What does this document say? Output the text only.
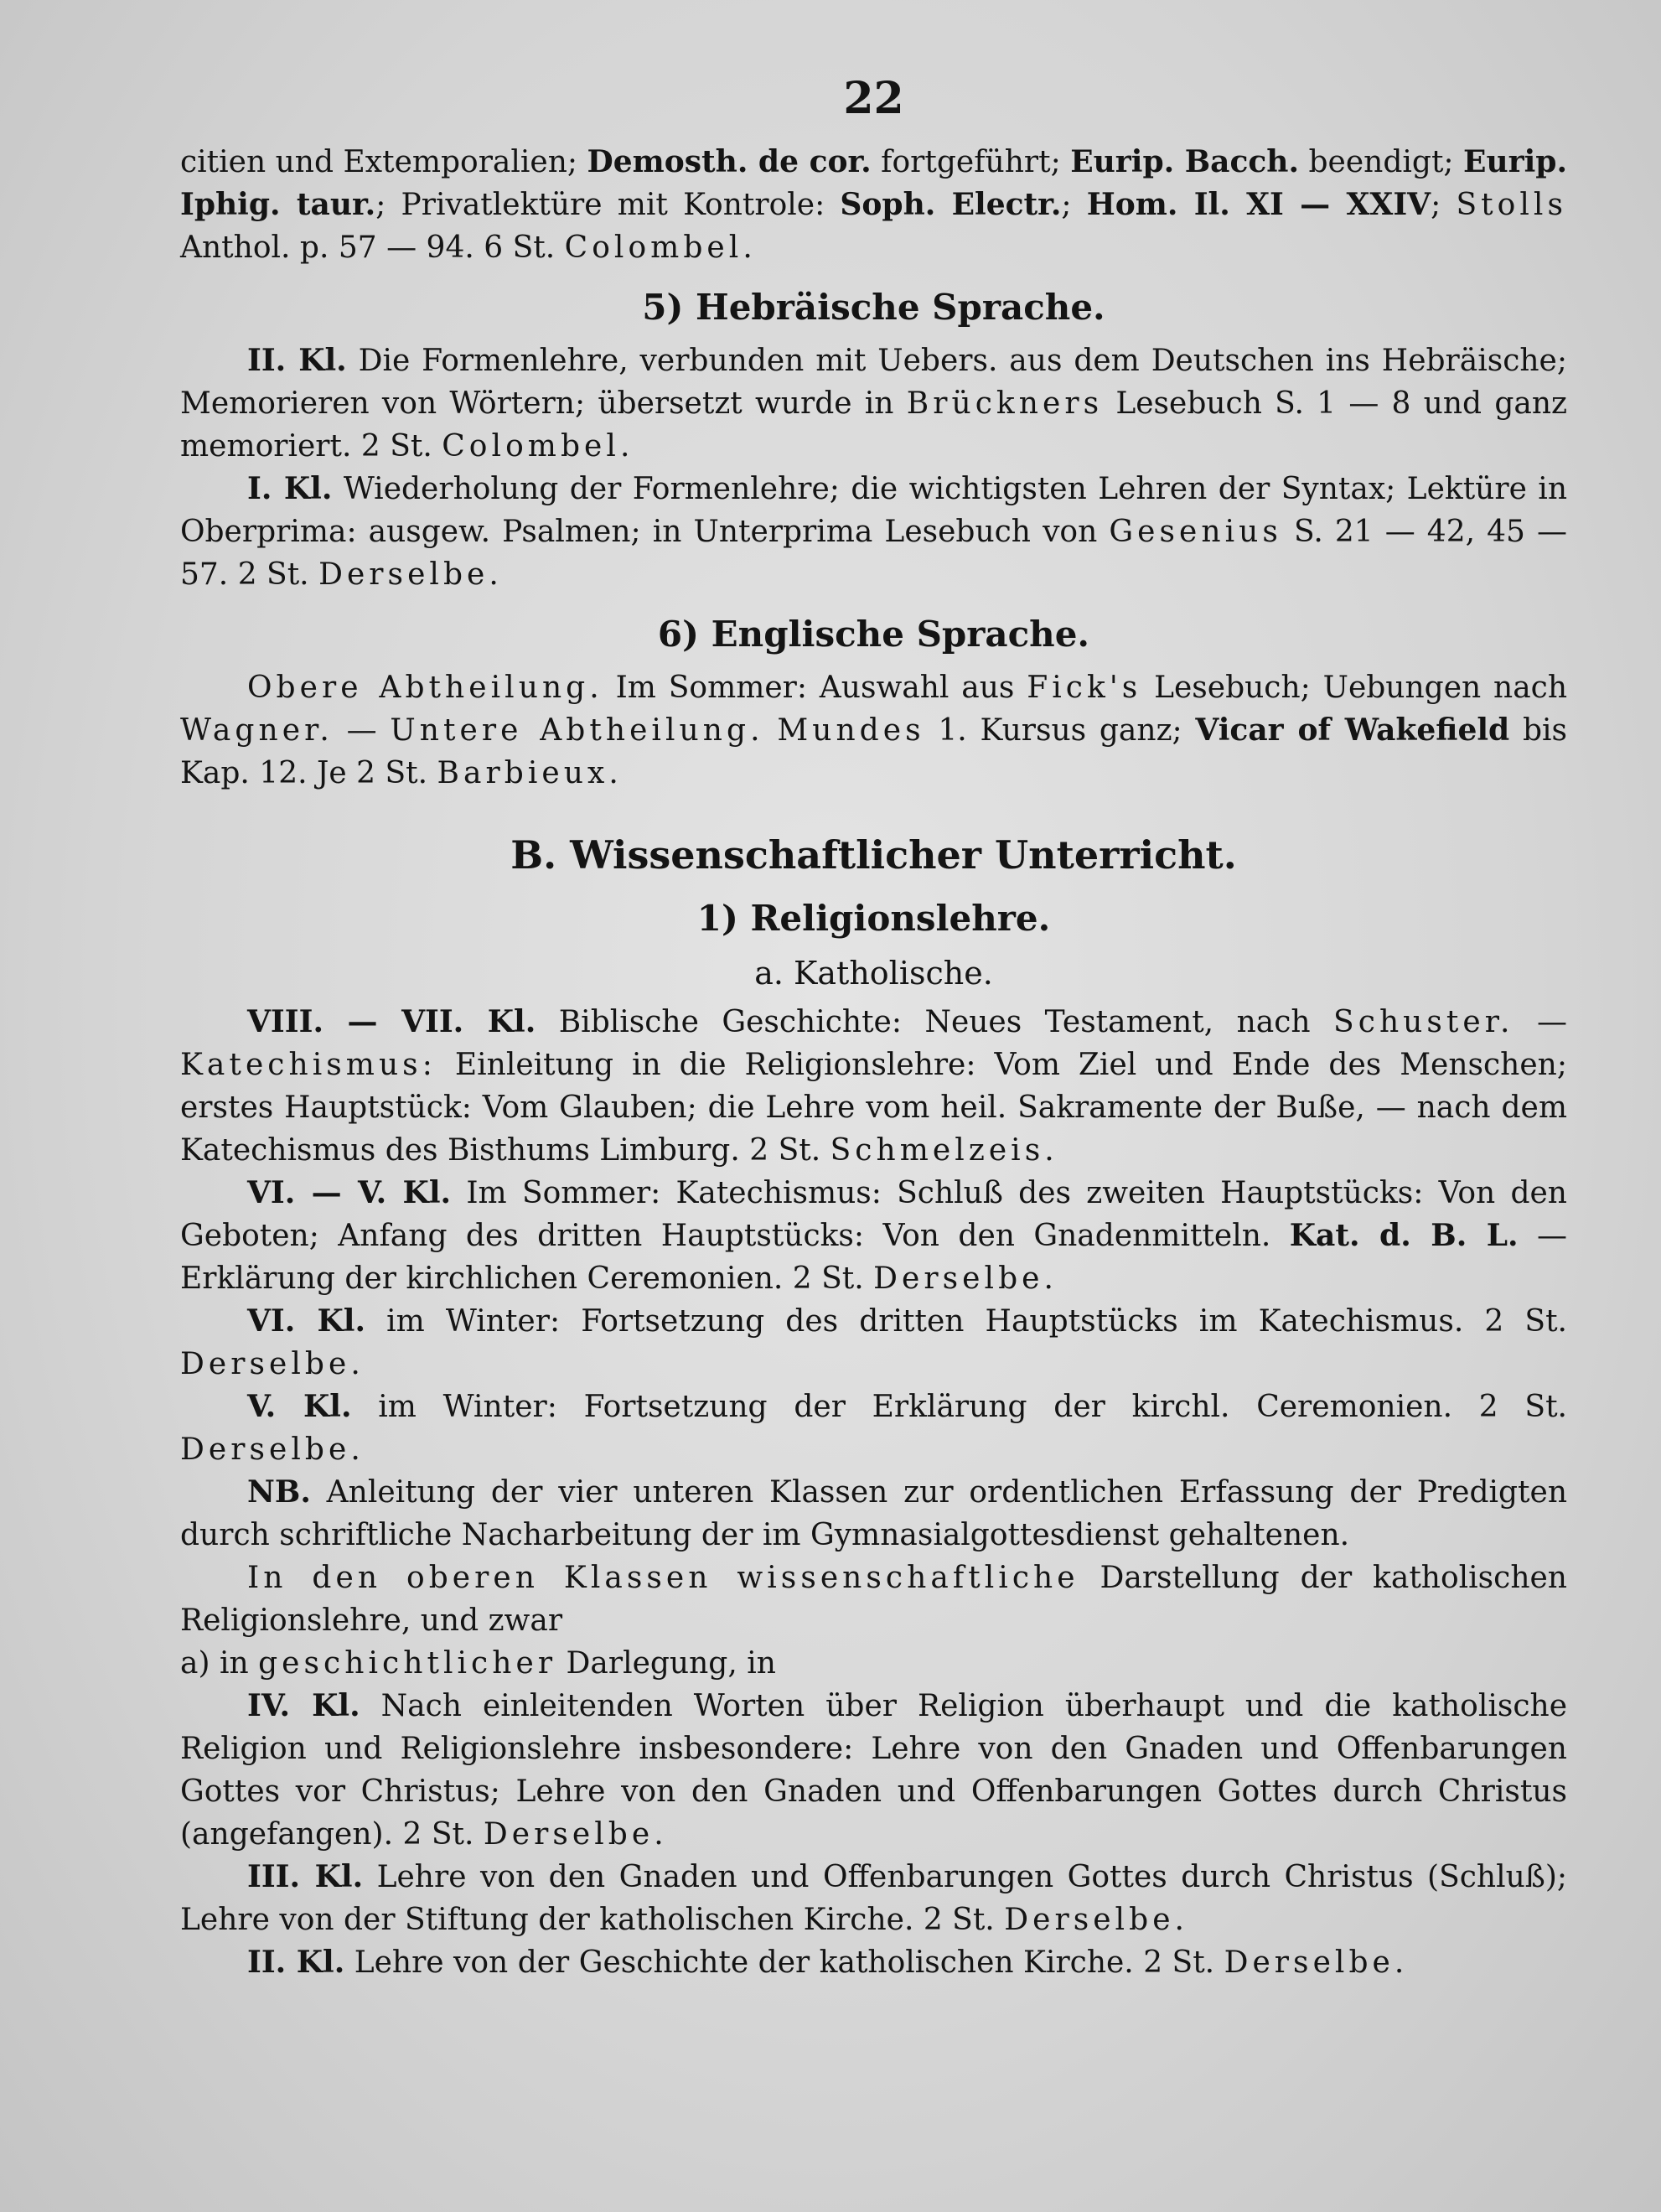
22

citien und Extemporalien; Demosth. de cor. fortgeführt; Eurip. Bacch. beendigt; Eurip. Iphig. taur.; Privatlektüre mit Kontrole: Soph. Electr.; Hom. Il. XI — XXIV; Stolls Anthol. p. 57 — 94. 6 St. Colombel.

5) Hebräische Sprache.

II. Kl. Die Formenlehre, verbunden mit Uebers. aus dem Deutschen ins Hebräische; Memorieren von Wörtern; übersetzt wurde in Brückners Lesebuch S. 1 — 8 und ganz memoriert. 2 St. Colombel.

I. Kl. Wiederholung der Formenlehre; die wichtigsten Lehren der Syntax; Lektüre in Oberprima: ausgew. Psalmen; in Unterprima Lesebuch von Gesenius S. 21 — 42, 45 — 57. 2 St. Derselbe.

6) Englische Sprache.

Obere Abtheilung. Im Sommer: Auswahl aus Fick's Lesebuch; Uebungen nach Wagner. — Untere Abtheilung. Mundes 1. Kursus ganz; Vicar of Wakefield bis Kap. 12. Je 2 St. Barbieux.

B. Wissenschaftlicher Unterricht.
1) Religionslehre.
a. Katholische.

VIII. — VII. Kl. Biblische Geschichte: Neues Testament, nach Schuster. — Katechismus: Einleitung in die Religionslehre: Vom Ziel und Ende des Menschen; erstes Hauptstück: Vom Glauben; die Lehre vom heil. Sakramente der Buße, — nach dem Katechismus des Bisthums Limburg. 2 St. Schmelzeis.

VI. — V. Kl. Im Sommer: Katechismus: Schluß des zweiten Hauptstücks: Von den Geboten; Anfang des dritten Hauptstücks: Von den Gnadenmitteln. Kat. d. B. L. — Erklärung der kirchlichen Ceremonien. 2 St. Derselbe.

VI. Kl. im Winter: Fortsetzung des dritten Hauptstücks im Katechismus. 2 St. Derselbe.

V. Kl. im Winter: Fortsetzung der Erklärung der kirchl. Ceremonien. 2 St. Derselbe.

NB. Anleitung der vier unteren Klassen zur ordentlichen Erfassung der Predigten durch schriftliche Nacharbeitung der im Gymnasialgottesdienst gehaltenen.

In den oberen Klassen wissenschaftliche Darstellung der katholischen Religionslehre, und zwar

a) in geschichtlicher Darlegung, in

IV. Kl. Nach einleitenden Worten über Religion überhaupt und die katholische Religion und Religionslehre insbesondere: Lehre von den Gnaden und Offenbarungen Gottes vor Christus; Lehre von den Gnaden und Offenbarungen Gottes durch Christus (angefangen). 2 St. Derselbe.

III. Kl. Lehre von den Gnaden und Offenbarungen Gottes durch Christus (Schluß); Lehre von der Stiftung der katholischen Kirche. 2 St. Derselbe.

II. Kl. Lehre von der Geschichte der katholischen Kirche. 2 St. Derselbe.
